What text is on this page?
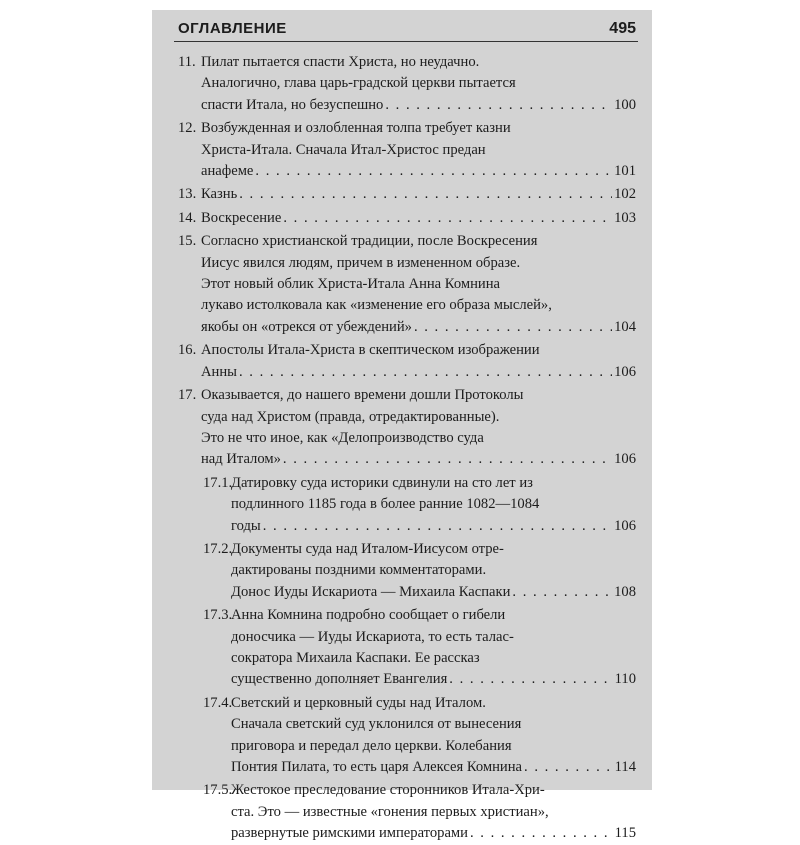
ОГЛАВЛЕНИЕ	495
11. Пилат пытается спасти Христа, но неудачно.
Аналогично, глава царь-градской церкви пытается
спасти Итала, но безуспешно . . .	100
12. Возбужденная и озлобленная толпа требует казни
Христа-Итала. Сначала Итал-Христос предан
анафеме . . .	101
13. Казнь . . .	102
14. Воскресение . . .	103
15. Согласно христианской традиции, после Воскресения
Иисус явился людям, причем в измененном образе.
Этот новый облик Христа-Итала Анна Комнина
лукаво истолковала как «изменение его образа мыслей»,
якобы он «отрекся от убеждений» . . .	104
16. Апостолы Итала-Христа в скептическом изображении
Анны . . .	106
17. Оказывается, до нашего времени дошли Протоколы
суда над Христом (правда, отредактированные).
Это не что иное, как «Делопроизводство суда
над Италом» . . .	106
17.1.
Датировку суда историки сдвинули на сто лет из
подлинного 1185 года в более ранние 1082—1084
годы . . .	106
17.2.
Документы суда над Италом-Иисусом отре-
дактированы поздними комментаторами.
Донос Иуды Искариота — Михаила Каспаки . . .	108
17.3.
Анна Комнина подробно сообщает о гибели
доносчика — Иуды Искариота, то есть талас-
сократора Михаила Каспаки. Ее рассказ
существенно дополняет Евангелия . . .	110
17.4.
Светский и церковный суды над Италом.
Сначала светский суд уклонился от вынесения
приговора и передал дело церкви. Колебания
Понтия Пилата, то есть царя Алексея Комнина . . .	114
17.5.
Жестокое преследование сторонников Итала-Хри-
ста. Это — известные «гонения первых христиан»,
развернутые римскими императорами . . .	115
